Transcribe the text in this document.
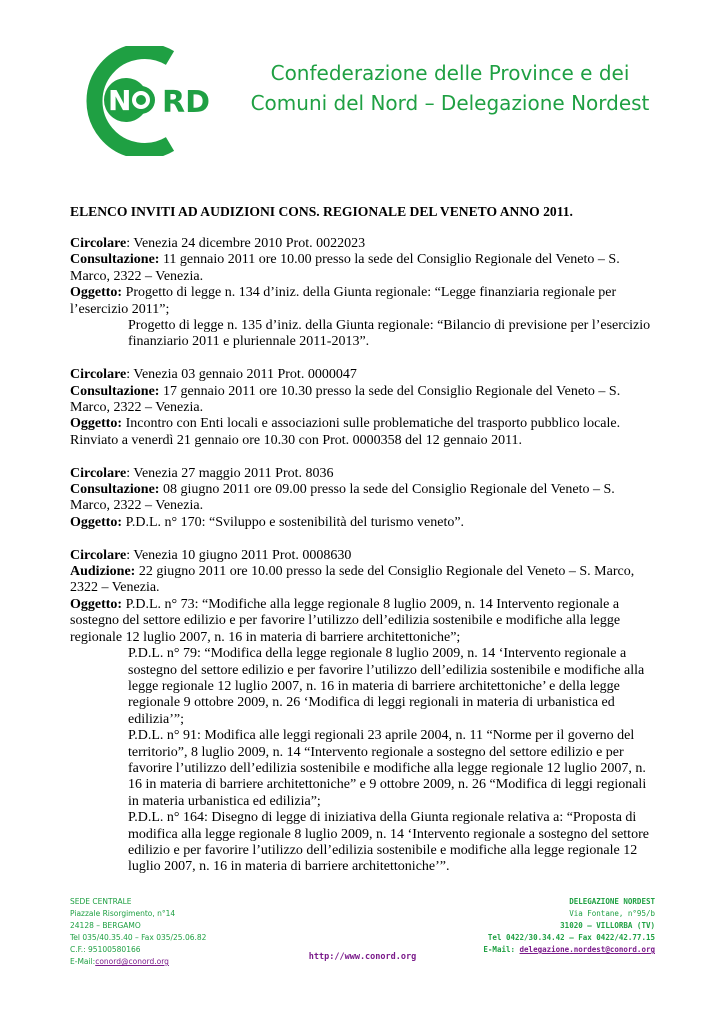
N RD
Confederazione delle Province e dei
Comuni del Nord – Delegazione Nordest
ELENCO INVITI AD AUDIZIONI CONS. REGIONALE DEL VENETO ANNO 2011.

Circolare: Venezia 24 dicembre 2010 Prot. 0022023

Consultazione: 11 gennaio 2011 ore 10.00 presso la sede del Consiglio Regionale del Veneto – S. Marco, 2322 – Venezia.

Oggetto: Progetto di legge n. 134 d’iniz. della Giunta regionale: “Legge finanziaria regionale per l’esercizio 2011”;

Progetto di legge n. 135 d’iniz. della Giunta regionale: “Bilancio di previsione per l’esercizio finanziario 2011 e pluriennale 2011-2013”.

Circolare: Venezia 03 gennaio 2011 Prot. 0000047

Consultazione: 17 gennaio 2011 ore 10.30 presso la sede del Consiglio Regionale del Veneto – S. Marco, 2322 – Venezia.

Oggetto: Incontro con Enti locali e associazioni sulle problematiche del trasporto pubblico locale. Rinviato a venerdì 21 gennaio ore 10.30 con Prot. 0000358 del 12 gennaio 2011.

Circolare: Venezia 27 maggio 2011 Prot. 8036

Consultazione: 08 giugno 2011 ore 09.00 presso la sede del Consiglio Regionale del Veneto – S. Marco, 2322 – Venezia.

Oggetto: P.D.L. n° 170: “Sviluppo e sostenibilità del turismo veneto”.

Circolare: Venezia 10 giugno 2011 Prot. 0008630

Audizione: 22 giugno 2011 ore 10.00 presso la sede del Consiglio Regionale del Veneto – S. Marco, 2322 – Venezia.

Oggetto: P.D.L. n° 73: “Modifiche alla legge regionale 8 luglio 2009, n. 14 Intervento regionale a sostegno del settore edilizio e per favorire l’utilizzo dell’edilizia sostenibile e modifiche alla legge regionale 12 luglio 2007, n. 16 in materia di barriere architettoniche”;

P.D.L. n° 79: “Modifica della legge regionale 8 luglio 2009, n. 14 ‘Intervento regionale a sostegno del settore edilizio e per favorire l’utilizzo dell’edilizia sostenibile e modifiche alla legge regionale 12 luglio 2007, n. 16 in materia di barriere architettoniche’ e della legge regionale 9 ottobre 2009, n. 26 ‘Modifica di leggi regionali in materia di urbanistica ed edilizia’”;

P.D.L. n° 91: Modifica alle leggi regionali 23 aprile 2004, n. 11 “Norme per il governo del territorio”, 8 luglio 2009, n. 14 “Intervento regionale a sostegno del settore edilizio e per favorire l’utilizzo dell’edilizia sostenibile e modifiche alla legge regionale 12 luglio 2007, n. 16 in materia di barriere architettoniche” e 9 ottobre 2009, n. 26 “Modifica di leggi regionali in materia urbanistica ed edilizia”;

P.D.L. n° 164: Disegno di legge di iniziativa della Giunta regionale relativa a: “Proposta di modifica alla legge regionale 8 luglio 2009, n. 14 ‘Intervento regionale a sostegno del settore edilizio e per favorire l’utilizzo dell’edilizia sostenibile e modifiche alla legge regionale 12 luglio 2007, n. 16 in materia di barriere architettoniche’”.

SEDE CENTRALE
Piazzale Risorgimento, n°14
24128 – BERGAMO
Tel 035/40.35.40 – Fax 035/25.06.82
C.F.: 95100580166
E-Mail:conord@conord.org
DELEGAZIONE NORDEST
Via Fontane, n°95/b
31020 – VILLORBA (TV)
Tel 0422/30.34.42 – Fax 0422/42.77.15
E-Mail: delegazione.nordest@conord.org
http://www.conord.org
